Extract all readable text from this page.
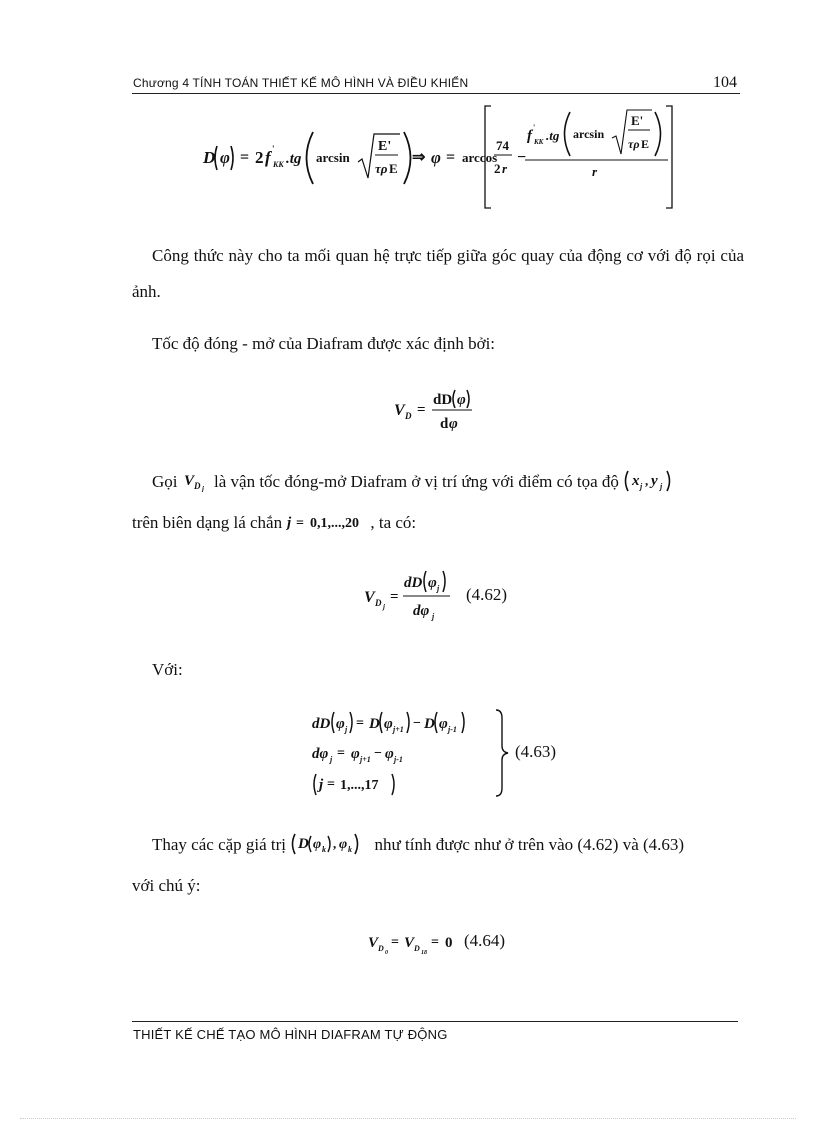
Chương 4 TÍNH TOÁN THIẾT KẾ MÔ HÌNH VÀ ĐIỀU KHIỂN	104
D φ = 2 f '
KK .tg arcsin
E'
τρ E
⇒ φ = arccos
74
2 r
−
f
'
KK .tg arcsin
E'
τρ E
r
Công thức này cho ta mối quan hệ trực tiếp giữa góc quay của động cơ với độ rọi của ảnh.
Tốc độ đóng - mở của Diafram được xác định bởi:
V D =
dD φ
d φ
Gọi V D j là vận tốc đóng-mở Diafram ở vị trí ứng với điểm có tọa độ x j , y j
trên biên dạng lá chắn j = 0,1,...,20 , ta có:
V D j
=
dD φ j
dφ j
(4.62)
Với:
dD φ j = D φ j+1 − D φ j-1
dφ j = φ j+1 − φ j-1
j = 1,...,17
(4.63)
Thay các cặp giá trị D φ k , φ k như tính được như ở trên vào (4.62) và (4.63)
với chú ý:
V D 0
= V D 18
= 0 (4.64)
THIẾT KẾ CHẾ TẠO MÔ HÌNH DIAFRAM TỰ ĐỘNG
